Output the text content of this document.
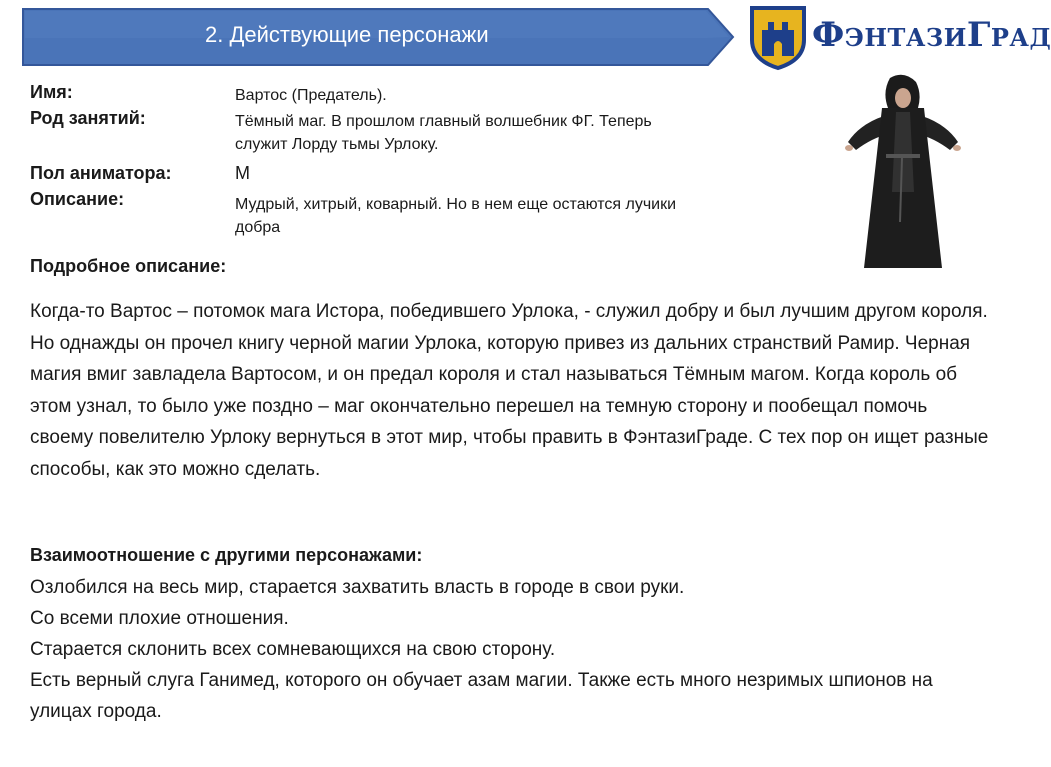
2. Действующие персонажи	ФэнтазиГрад
Имя:	Вартос (Предатель).
Род занятий:	Тёмный маг. В прошлом главный волшебник ФГ. Теперь
служит Лорду тьмы Урлоку.
Пол аниматора:	М
Описание:	Мудрый, хитрый, коварный. Но в нем еще остаются лучики
добра
Подробное описание:
Когда-то Вартос – потомок мага Истора, победившего Урлока, - служил добру и был лучшим другом короля. Но однажды он прочел книгу черной магии Урлока, которую привез из дальних странствий Рамир. Черная магия вмиг завладела Вартосом, и он предал короля и стал называться Тёмным магом. Когда король об этом узнал, то было уже поздно – маг окончательно перешел на темную сторону и пообещал помочь своему повелителю Урлоку вернуться в этот мир, чтобы править в ФэнтазиГраде. С тех пор он ищет разные способы, как это можно сделать.
Взаимоотношение с другими персонажами:
Озлобился на весь мир, старается захватить власть в городе в свои руки.
Со всеми плохие отношения.
Старается склонить всех сомневающихся на свою сторону.
Есть верный слуга Ганимед, которого он обучает азам магии. Также есть много незримых шпионов на улицах города.
